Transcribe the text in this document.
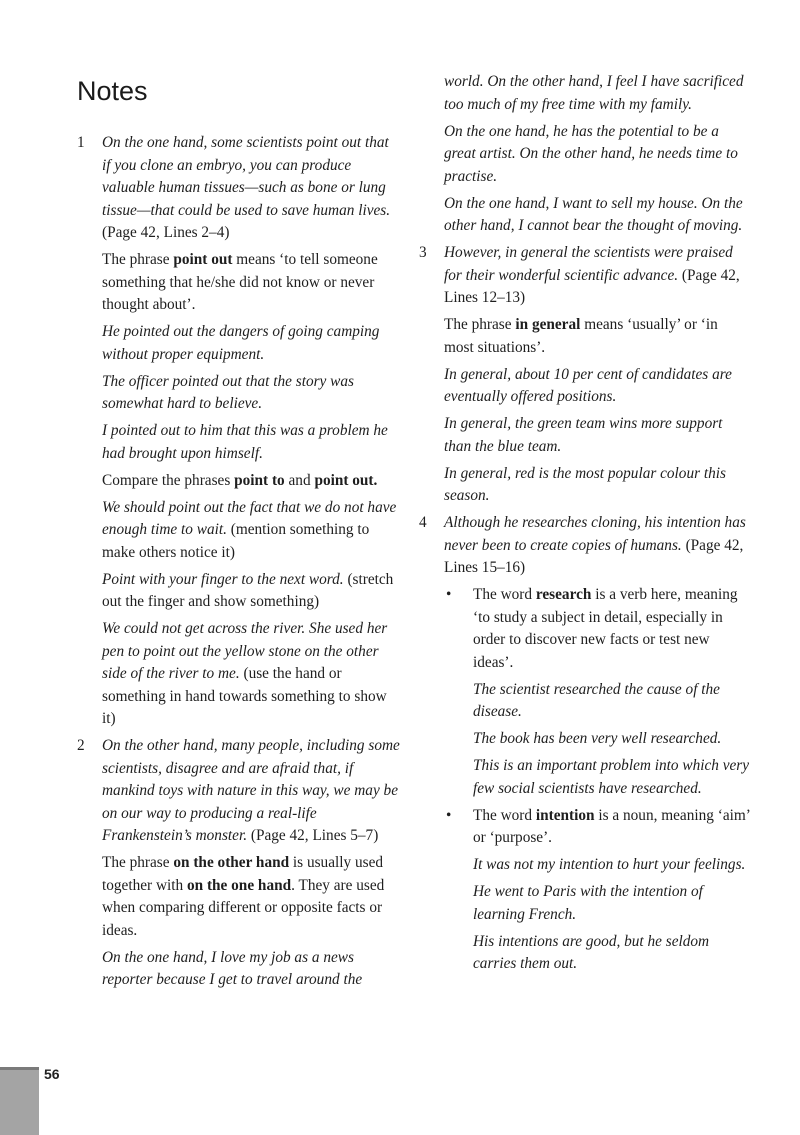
Notes

1	On the one hand, some scientists point out that if you clone an embryo, you can produce valuable human tissues—such as bone or lung tissue—that could be used to save human lives. (Page 42, Lines 2–4)

The phrase point out means ‘to tell someone something that he/she did not know or never thought about’.

He pointed out the dangers of going camping without proper equipment.

The officer pointed out that the story was somewhat hard to believe.

I pointed out to him that this was a problem he had brought upon himself.

Compare the phrases point to and point out.

We should point out the fact that we do not have enough time to wait. (mention something to make others notice it)

Point with your finger to the next word. (stretch out the finger and show something)

We could not get across the river. She used her pen to point out the yellow stone on the other side of the river to me. (use the hand or something in hand towards something to show it)

2	On the other hand, many people, including some scientists, disagree and are afraid that, if mankind toys with nature in this way, we may be on our way to producing a real-life Frankenstein’s monster. (Page 42, Lines 5–7)

The phrase on the other hand is usually used together with on the one hand. They are used when comparing different or opposite facts or ideas.

On the one hand, I love my job as a news reporter because I get to travel around the

world. On the other hand, I feel I have sacrificed too much of my free time with my family.

On the one hand, he has the potential to be a great artist. On the other hand, he needs time to practise.

On the one hand, I want to sell my house. On the other hand, I cannot bear the thought of moving.

3	However, in general the scientists were praised for their wonderful scientific advance. (Page 42, Lines 12–13)

The phrase in general means ‘usually’ or ‘in most situations’.

In general, about 10 per cent of candidates are eventually offered positions.

In general, the green team wins more support than the blue team.

In general, red is the most popular colour this season.

4	Although he researches cloning, his intention has never been to create copies of humans. (Page 42, Lines 15–16)

• The word research is a verb here, meaning ‘to study a subject in detail, especially in order to discover new facts or test new ideas’.

The scientist researched the cause of the disease.

The book has been very well researched.

This is an important problem into which very few social scientists have researched.

• The word intention is a noun, meaning ‘aim’ or ‘purpose’.

It was not my intention to hurt your feelings.

He went to Paris with the intention of learning French.

His intentions are good, but he seldom carries them out.

56
